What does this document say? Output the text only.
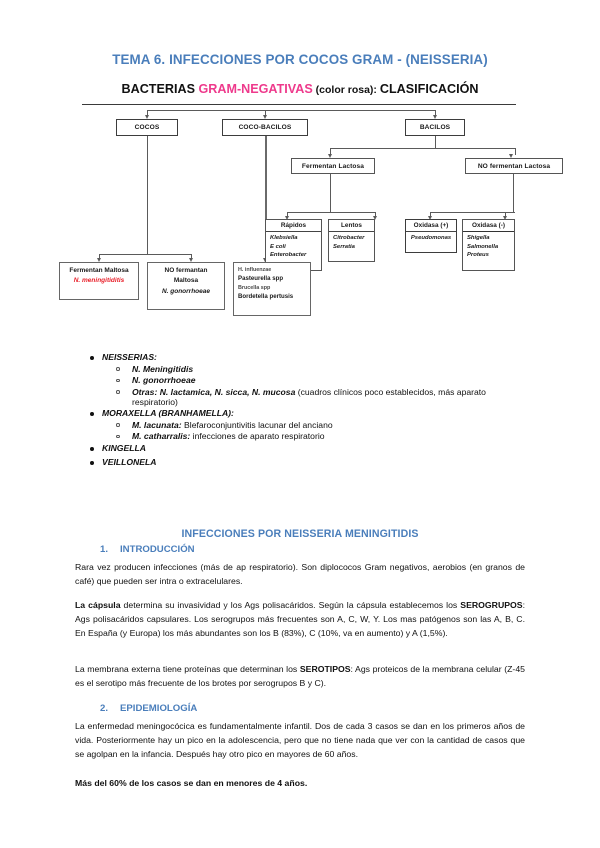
TEMA 6. INFECCIONES POR COCOS GRAM - (NEISSERIA)
BACTERIAS GRAM-NEGATIVAS (color rosa): CLASIFICACIÓN
COCOS	COCO-BACILOS	BACILOS
Fermentan Lactosa	NO fermentan Lactosa
Rápidos
Klebsiella
E coli
Enterobacter
Lentos
Citrobacter
Serratia
Oxidasa (+)
Pseudomonas
Oxidasa (-)
Shigella
Salmonella
Proteus
Fermentan Maltosa
N. meningitiditis
NO fermantan
Maltosa
N. gonorrhoeae
H. influenzae
Pasteurella spp
Brucella spp
Bordetella pertusis
NEISSERIAS:
N. Meningitidis
N. gonorrhoeae
Otras: N. lactamica, N. sicca, N. mucosa (cuadros clínicos poco establecidos, más aparato respiratorio)
MORAXELLA (BRANHAMELLA):
M. lacunata: Blefaroconjuntivitis lacunar del anciano
M. catharralis: infecciones de aparato respiratorio
KINGELLA
VEILLONELA
INFECCIONES POR NEISSERIA MENINGITIDIS
1. INTRODUCCIÓN
Rara vez producen infecciones (más de ap respiratorio). Son diplococos Gram negativos, aerobios (en granos de café) que pueden ser intra o extracelulares.
La cápsula determina su invasividad y los Ags polisacáridos. Según la cápsula establecemos los SEROGRUPOS: Ags polisacáridos capsulares. Los serogrupos más frecuentes son A, C, W, Y. Los mas patógenos son las A, B, C. En España (y Europa) los más abundantes son los B (83%), C (10%, va en aumento) y A (1,5%).
La membrana externa tiene proteínas que determinan los SEROTIPOS: Ags proteicos de la membrana celular (Z-45 es el serotipo más frecuente de los brotes por serogrupos B y C).
2. EPIDEMIOLOGÍA
La enfermedad meningocócica es fundamentalmente infantil. Dos de cada 3 casos se dan en los primeros años de vida. Posteriormente hay un pico en la adolescencia, pero que no tiene nada que ver con la cantidad de casos que se agolpan en la infancia. Después hay otro pico en mayores de 60 años.
Más del 60% de los casos se dan en menores de 4 años.
